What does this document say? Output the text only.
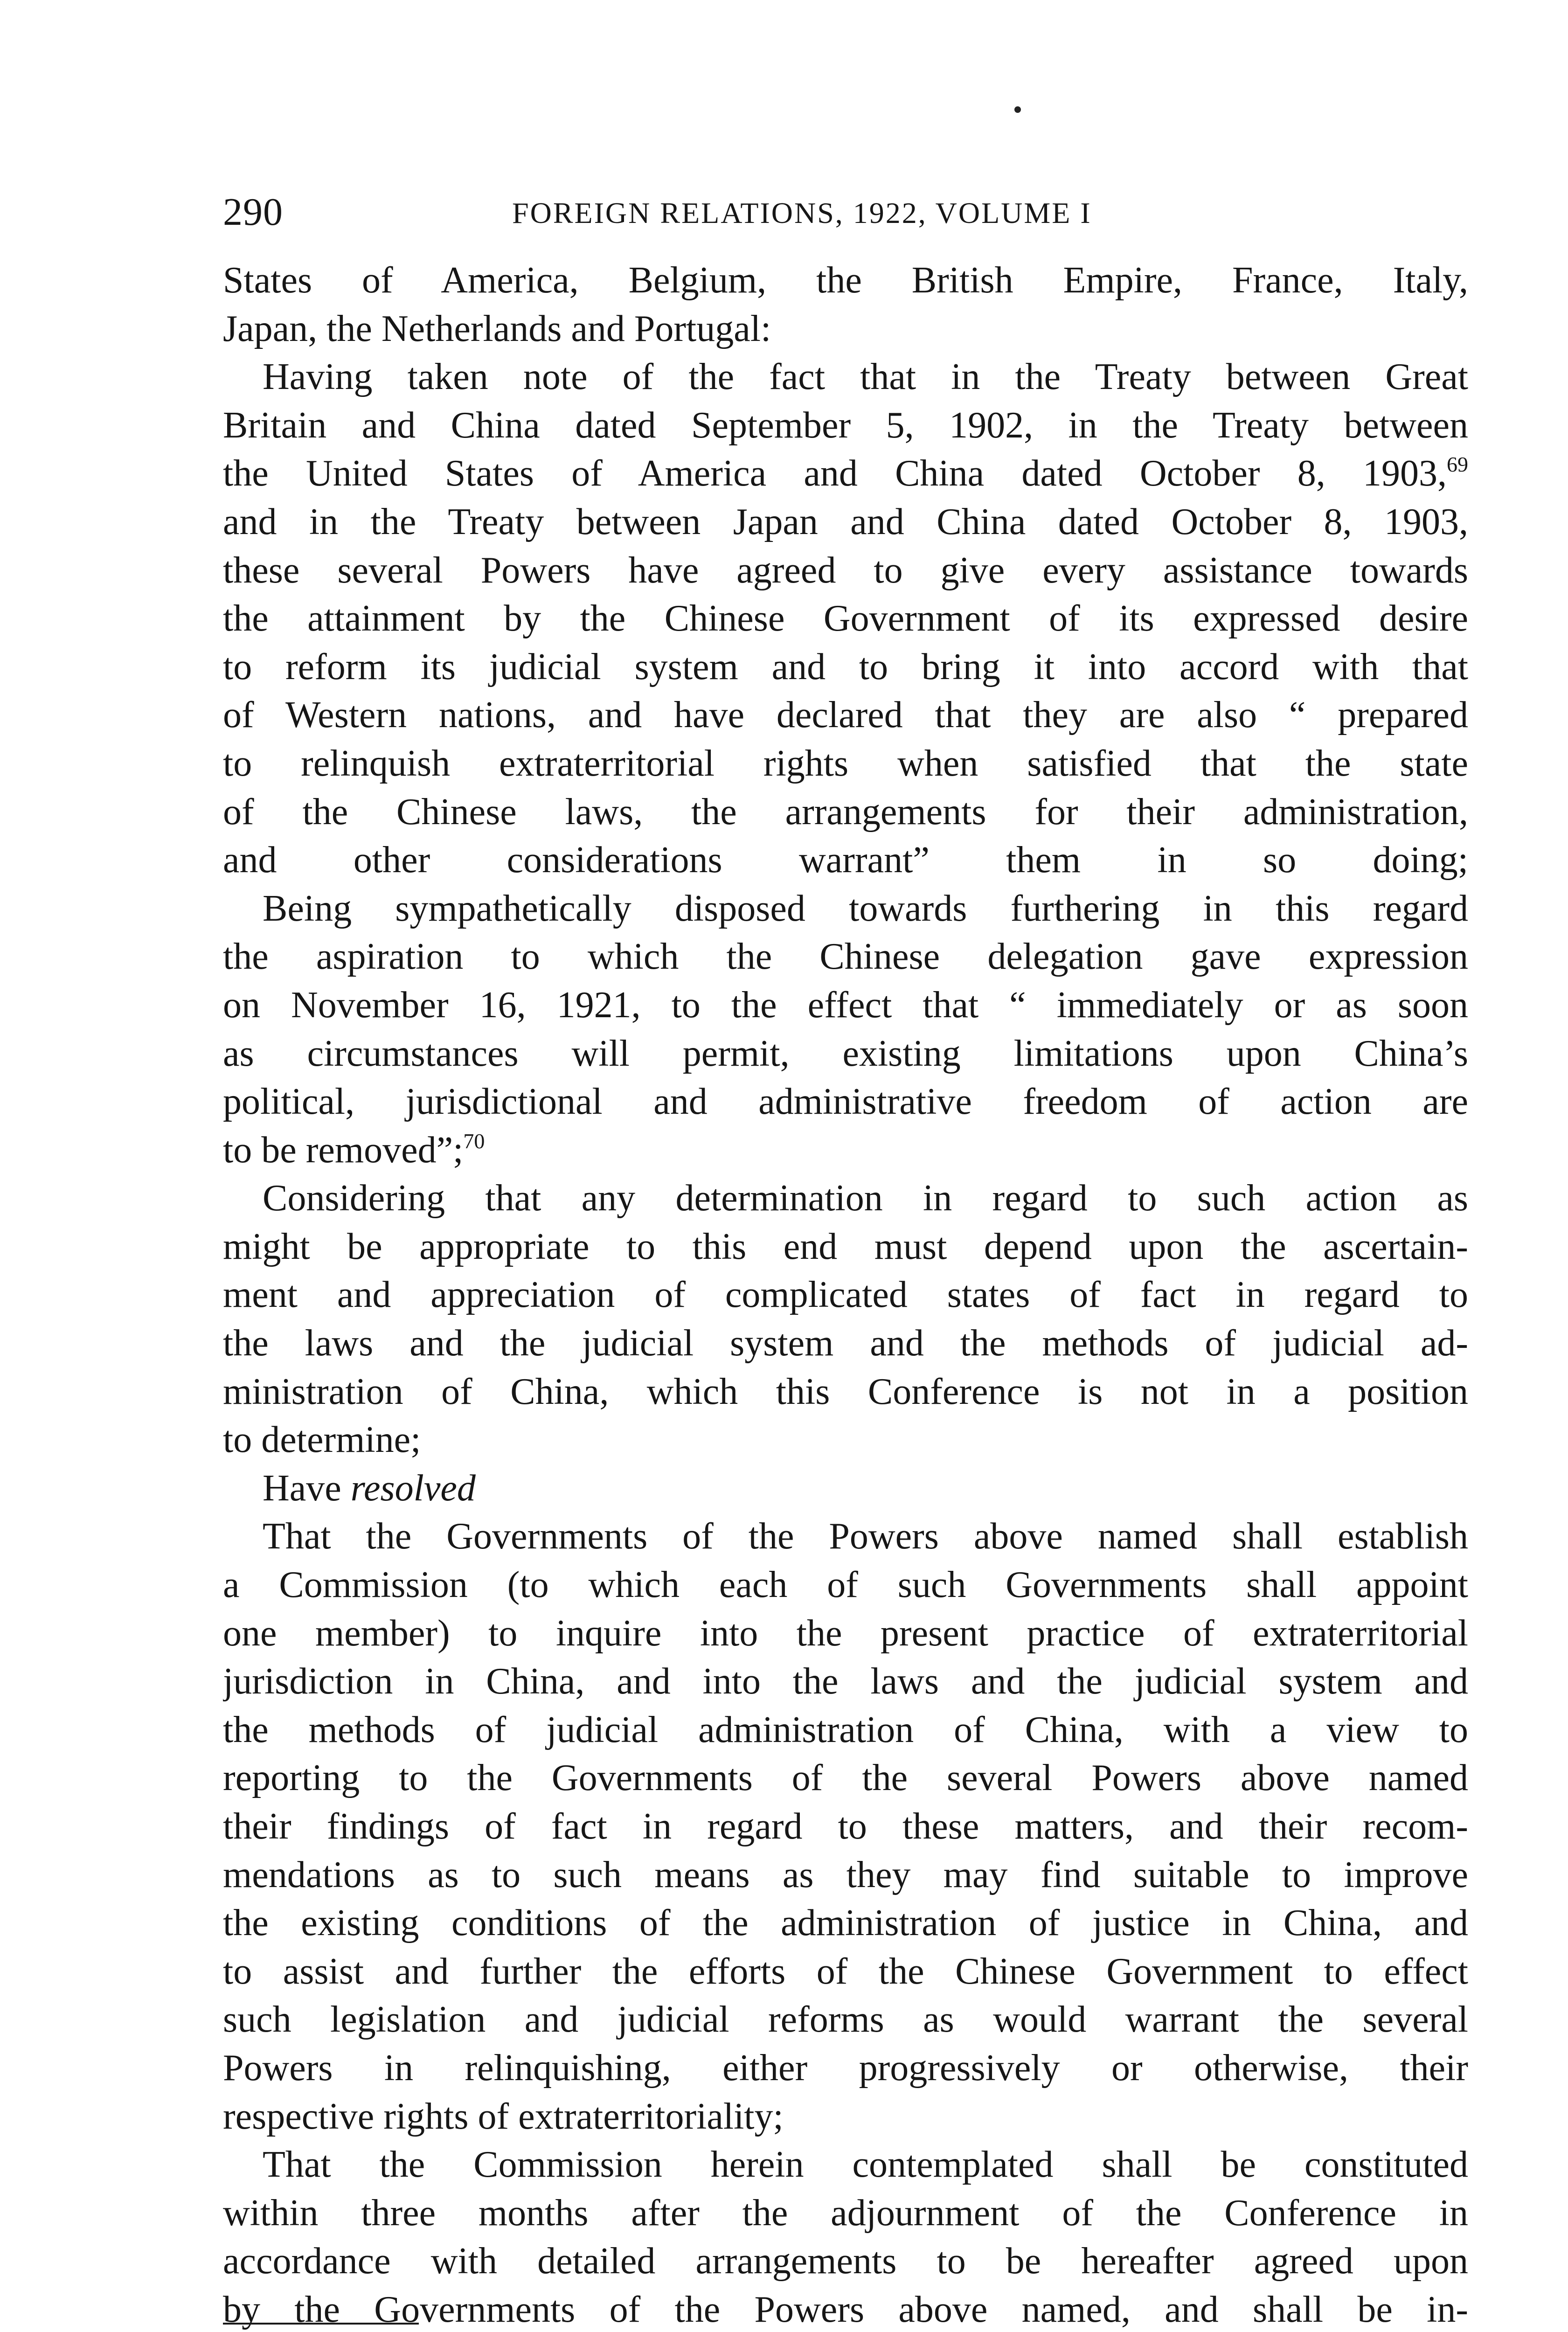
290	FOREIGN RELATIONS, 1922, VOLUME I
States of America, Belgium, the British Empire, France, Italy,
Japan, the Netherlands and Portugal:
Having taken note of the fact that in the Treaty between Great
Britain and China dated September 5, 1902, in the Treaty between
the United States of America and China dated October 8, 1903,69
and in the Treaty between Japan and China dated October 8, 1903,
these several Powers have agreed to give every assistance towards
the attainment by the Chinese Government of its expressed desire
to reform its judicial system and to bring it into accord with that
of Western nations, and have declared that they are also “ prepared
to relinquish extraterritorial rights when satisfied that the state
of the Chinese laws, the arrangements for their administration,
and other considerations warrant” them in so doing;
Being sympathetically disposed towards furthering in this regard
the aspiration to which the Chinese delegation gave expression
on November 16, 1921, to the effect that “ immediately or as soon
as circumstances will permit, existing limitations upon China’s
political, jurisdictional and administrative freedom of action are
to be removed”;$^{70}$
Considering that any determination in regard to such action as
might be appropriate to this end must depend upon the ascertain-
ment and appreciation of complicated states of fact in regard to
the laws and the judicial system and the methods of judicial ad-
ministration of China, which this Conference is not in a position
to determine;
Have resolved
That the Governments of the Powers above named shall establish
a Commission (to which each of such Governments shall appoint
one member) to inquire into the present practice of extraterritorial
jurisdiction in China, and into the laws and the judicial system and
the methods of judicial administration of China, with a view to
reporting to the Governments of the several Powers above named
their findings of fact in regard to these matters, and their recom-
mendations as to such means as they may find suitable to improve
the existing conditions of the administration of justice in China, and
to assist and further the efforts of the Chinese Government to effect
such legislation and judicial reforms as would warrant the several
Powers in relinquishing, either progressively or otherwise, their
respective rights of extraterritoriality;
That the Commission herein contemplated shall be constituted
within three months after the adjournment of the Conference in
accordance with detailed arrangements to be hereafter agreed upon
by the Governments of the Powers above named, and shall be in-
